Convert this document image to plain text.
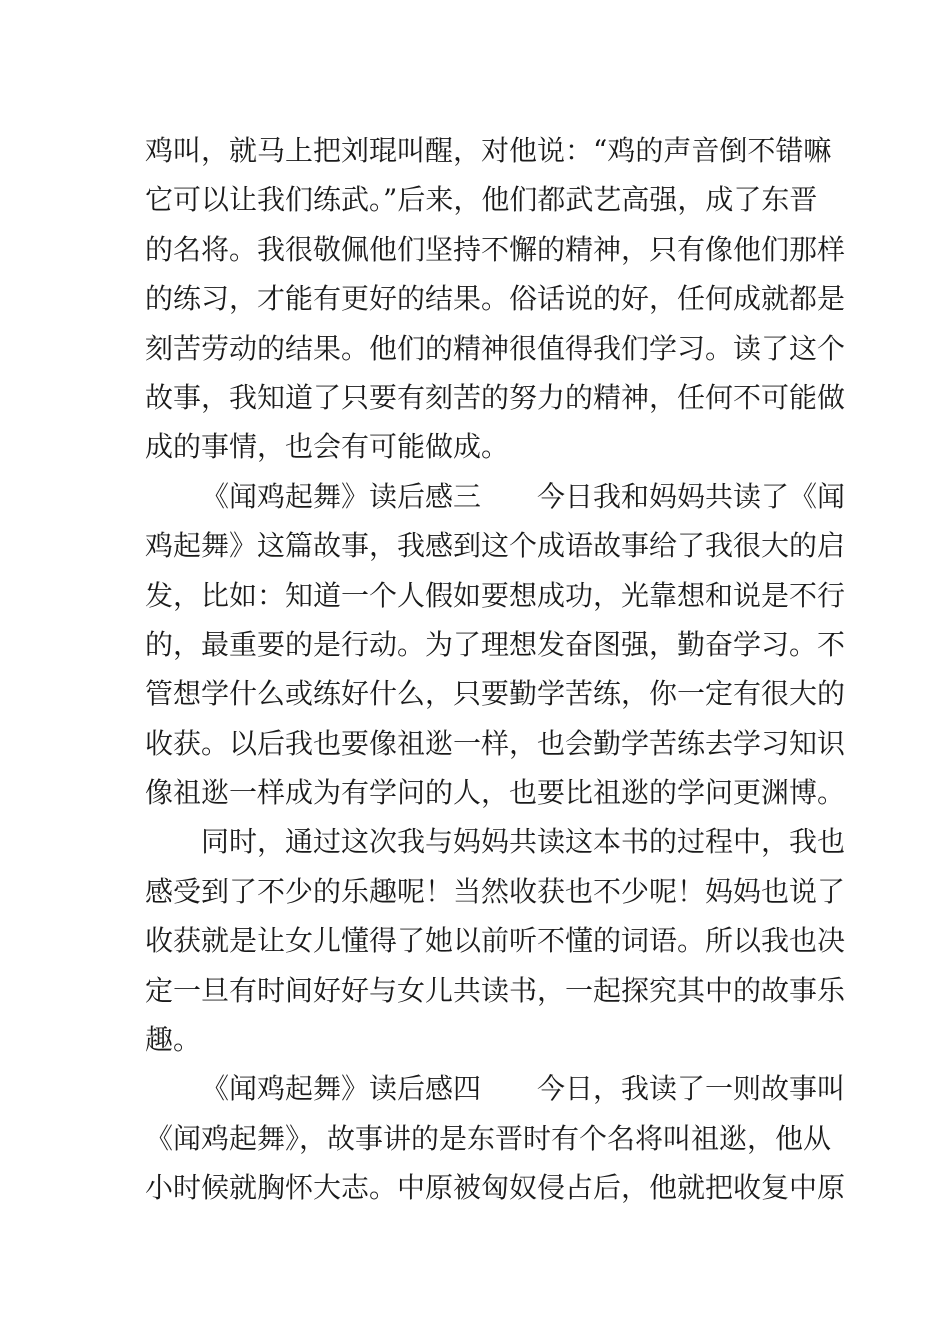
鸡叫，就马上把刘琨叫醒，对他说：“鸡的声音倒不错嘛
它可以让我们练武。”后来，他们都武艺高强，成了东晋
的名将。我很敬佩他们坚持不懈的精神，只有像他们那样
的练习，才能有更好的结果。俗话说的好，任何成就都是
刻苦劳动的结果。他们的精神很值得我们学习。读了这个
故事，我知道了只要有刻苦的努力的精神，任何不可能做
成的事情，也会有可能做成。
《闻鸡起舞》读后感三　　今日我和妈妈共读了《闻
鸡起舞》这篇故事，我感到这个成语故事给了我很大的启
发，比如：知道一个人假如要想成功，光靠想和说是不行
的，最重要的是行动。为了理想发奋图强，勤奋学习。不
管想学什么或练好什么，只要勤学苦练，你一定有很大的
收获。以后我也要像祖逖一样，也会勤学苦练去学习知识
像祖逖一样成为有学问的人，也要比祖逖的学问更渊博。
同时，通过这次我与妈妈共读这本书的过程中，我也
感受到了不少的乐趣呢！当然收获也不少呢！妈妈也说了
收获就是让女儿懂得了她以前听不懂的词语。所以我也决
定一旦有时间好好与女儿共读书，一起探究其中的故事乐
趣。
《闻鸡起舞》读后感四　　今日，我读了一则故事叫
《闻鸡起舞》，故事讲的是东晋时有个名将叫祖逖，他从
小时候就胸怀大志。中原被匈奴侵占后，他就把收复中原
